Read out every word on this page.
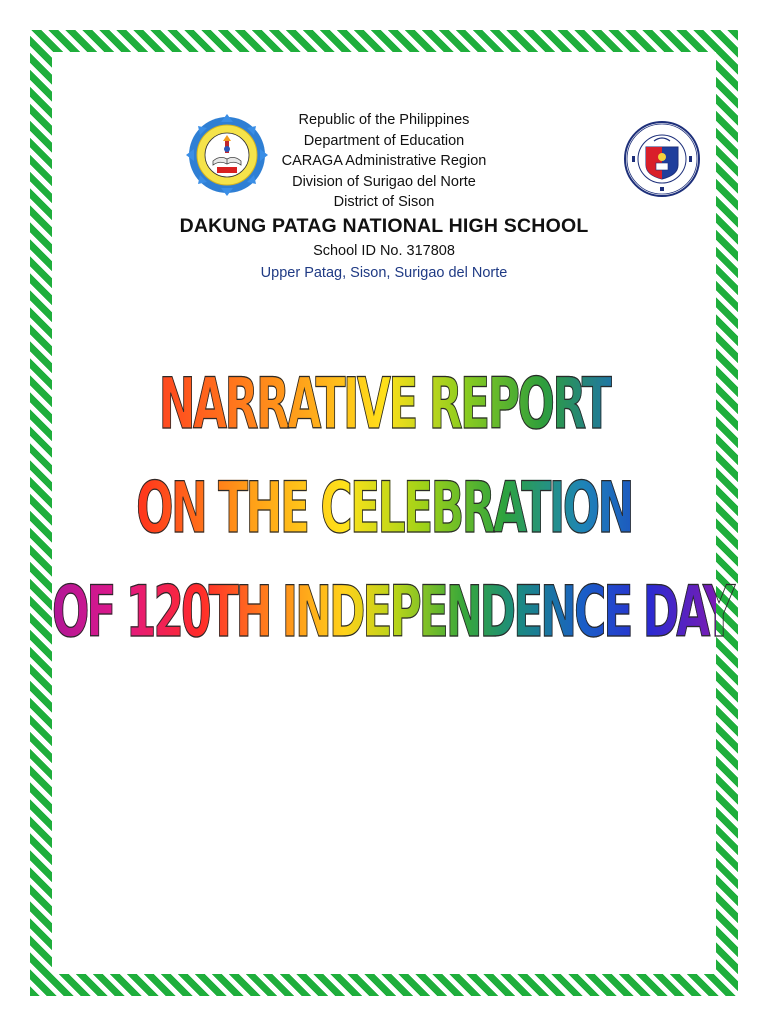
Republic of the Philippines
Department of Education
CARAGA Administrative Region
Division of Surigao del Norte
District of Sison
DAKUNG PATAG NATIONAL HIGH SCHOOL
School ID No. 317808
Upper Patag, Sison, Surigao del Norte
NARRATIVE REPORT
ON THE CELEBRATION
OF 120TH INDEPENDENCE DAY
